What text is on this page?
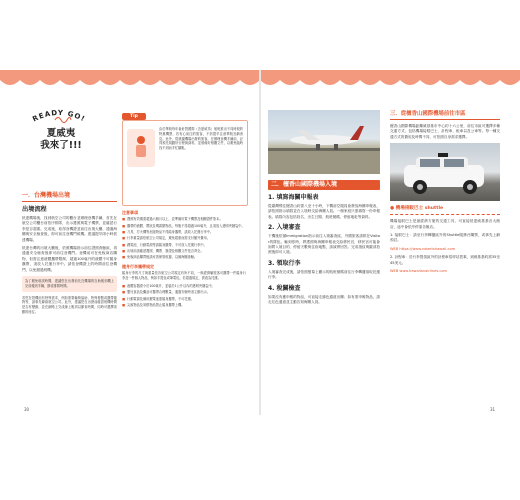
READY GO!
夏威夷
我來了!!!
Tip
由於華航每年會針對國際（含夏威夷）航班推出不同時段的特惠機票，若有心前往的旅客，不妨提早注意華航官網消息。此外，從桃園機場出發的旅客，在辦理登機手續前，記得預先規劃好行程與資料，並預備好相關文件，以避免臨時找不到而手忙腳亂。
一．台灣機場出境
出境流程
抵達機場後，找到航空公司的櫃台並辦理登機手續，首先在航空公司櫃台前依序排隊，出示護照與電子機票，並確認行李是否超重。完成後，取得登機證並前往出境大廳，通過海關與安全檢查後，即可前往登機門候機。建議提早兩小時抵達機場。
抵達台灣的出境大廳後，依照機場指示前往證照查驗區，再通過安全檢查後即可前往登機門。登機前可在免稅商店購物，但需注意液體攜帶限制，超過100毫升的液體不可隨身攜帶，須放入托運行李中。請依登機證上的時間前往登機門，以免錯過班機。
為了避免耽誤時間，建議您在出發前先在機場的自助報到機上完成報到手續，節省排隊時間。
若您在搭機前有特殊需求，例如需要輪椅協助、特殊餐點或攜帶寵物等，請事先聯絡航空公司。此外，建議您在出發前確認班機時間是否有變動，並在網路上完成線上報到以節省時間，同時可選擇喜歡的座位。
注意事項
■ 護照有效期需超過六個月以上，並準備好電子機票及相關證件影本。
■ 攜帶的液體、膠狀及噴霧類物品，每瓶不得超過100毫升，且須放入透明夾鏈袋中。
■ 刀具、打火機等危險物品不得隨身攜帶，請放入托運行李中。
■ 行李重量請依航空公司規定，避免超重而需支付額外費用。
■ 鋰電池、行動電源等請隨身攜帶，不可放入托運行李中。
■ 出境前請確認護照、機票、簽證及相關文件是否齊全。
■ 免稅商品購買後請妥善保管收據，以備海關查驗。
隨身行李攜帶規定
隨身行李的尺寸與重量依各航空公司規定有所不同，一般經濟艙旅客可攜帶一件隨身行李及一件個人物品，例如手提包或筆電包。若超過規定，需改為托運。
■ 液體容器需小於100毫升，並裝於1公升以內的透明夾鏈袋中。
■ 嬰兒食品及藥品可攜帶合理數量，通過安檢時須主動出示。
■ 行動電源及備用鋰電池需隨身攜帶，不可托運。
■ 尖銳物品及易燃物品禁止隨身攜帶上機。
30
二．檀香山國際機場入境
1. 填寫海關申報表
從臺灣飛往檀香山約需八至十小時，下機前空服員會發放海關申報表，請依照指示填寫並在入境時交給海關人員。一個家庭只需填寫一份申報表。填寫內容包括姓名、出生日期、航班號碼、停留地址等資料。
2. 入境審查
下機後依循Immigration指示前往入境審查區，外國旅客請排在Visitor的隊伍。輪到你時，將護照與海關申報表交給移民官，移民官可能會詢問入境目的、停留天數與住宿地點，請誠實回答。完成指紋與臉部拍照後即可入境。
3. 領取行李
入境審查完成後，請依照螢幕上顯示的航班號碼前往行李轉盤領取託運行李。
4. 稅關檢查
如果沒有應申報的物品，可直接走綠色通道出關；如有需申報物品，請走紅色通道並主動告知海關人員。
三．從檀香山國際機場前往市區
檀香山國際機場距離威基基市中心約十六公里，前往市區可選擇多種交通方式，包括機場接駁巴士、計程車、租車以及公車等。每一種交通方式的費用及時間不同，可依照自身需求選擇。
● 機場接駁巴士 shuttle
機場接駁巴士是最經濟方便的交通工具，可直接抵達威基基各大飯店，途中會依序停靠各飯店。
1. 接駁巴士：請至行李轉盤區外的Shuttle服務台購票，或事先上網預訂。
WEB https://www.robertshawaii.com
2. 計程車：於行李提領區外的計程車招呼站搭乘，到威基基約需35至45美元。
WEB www.hawaiianairlines.com
31
